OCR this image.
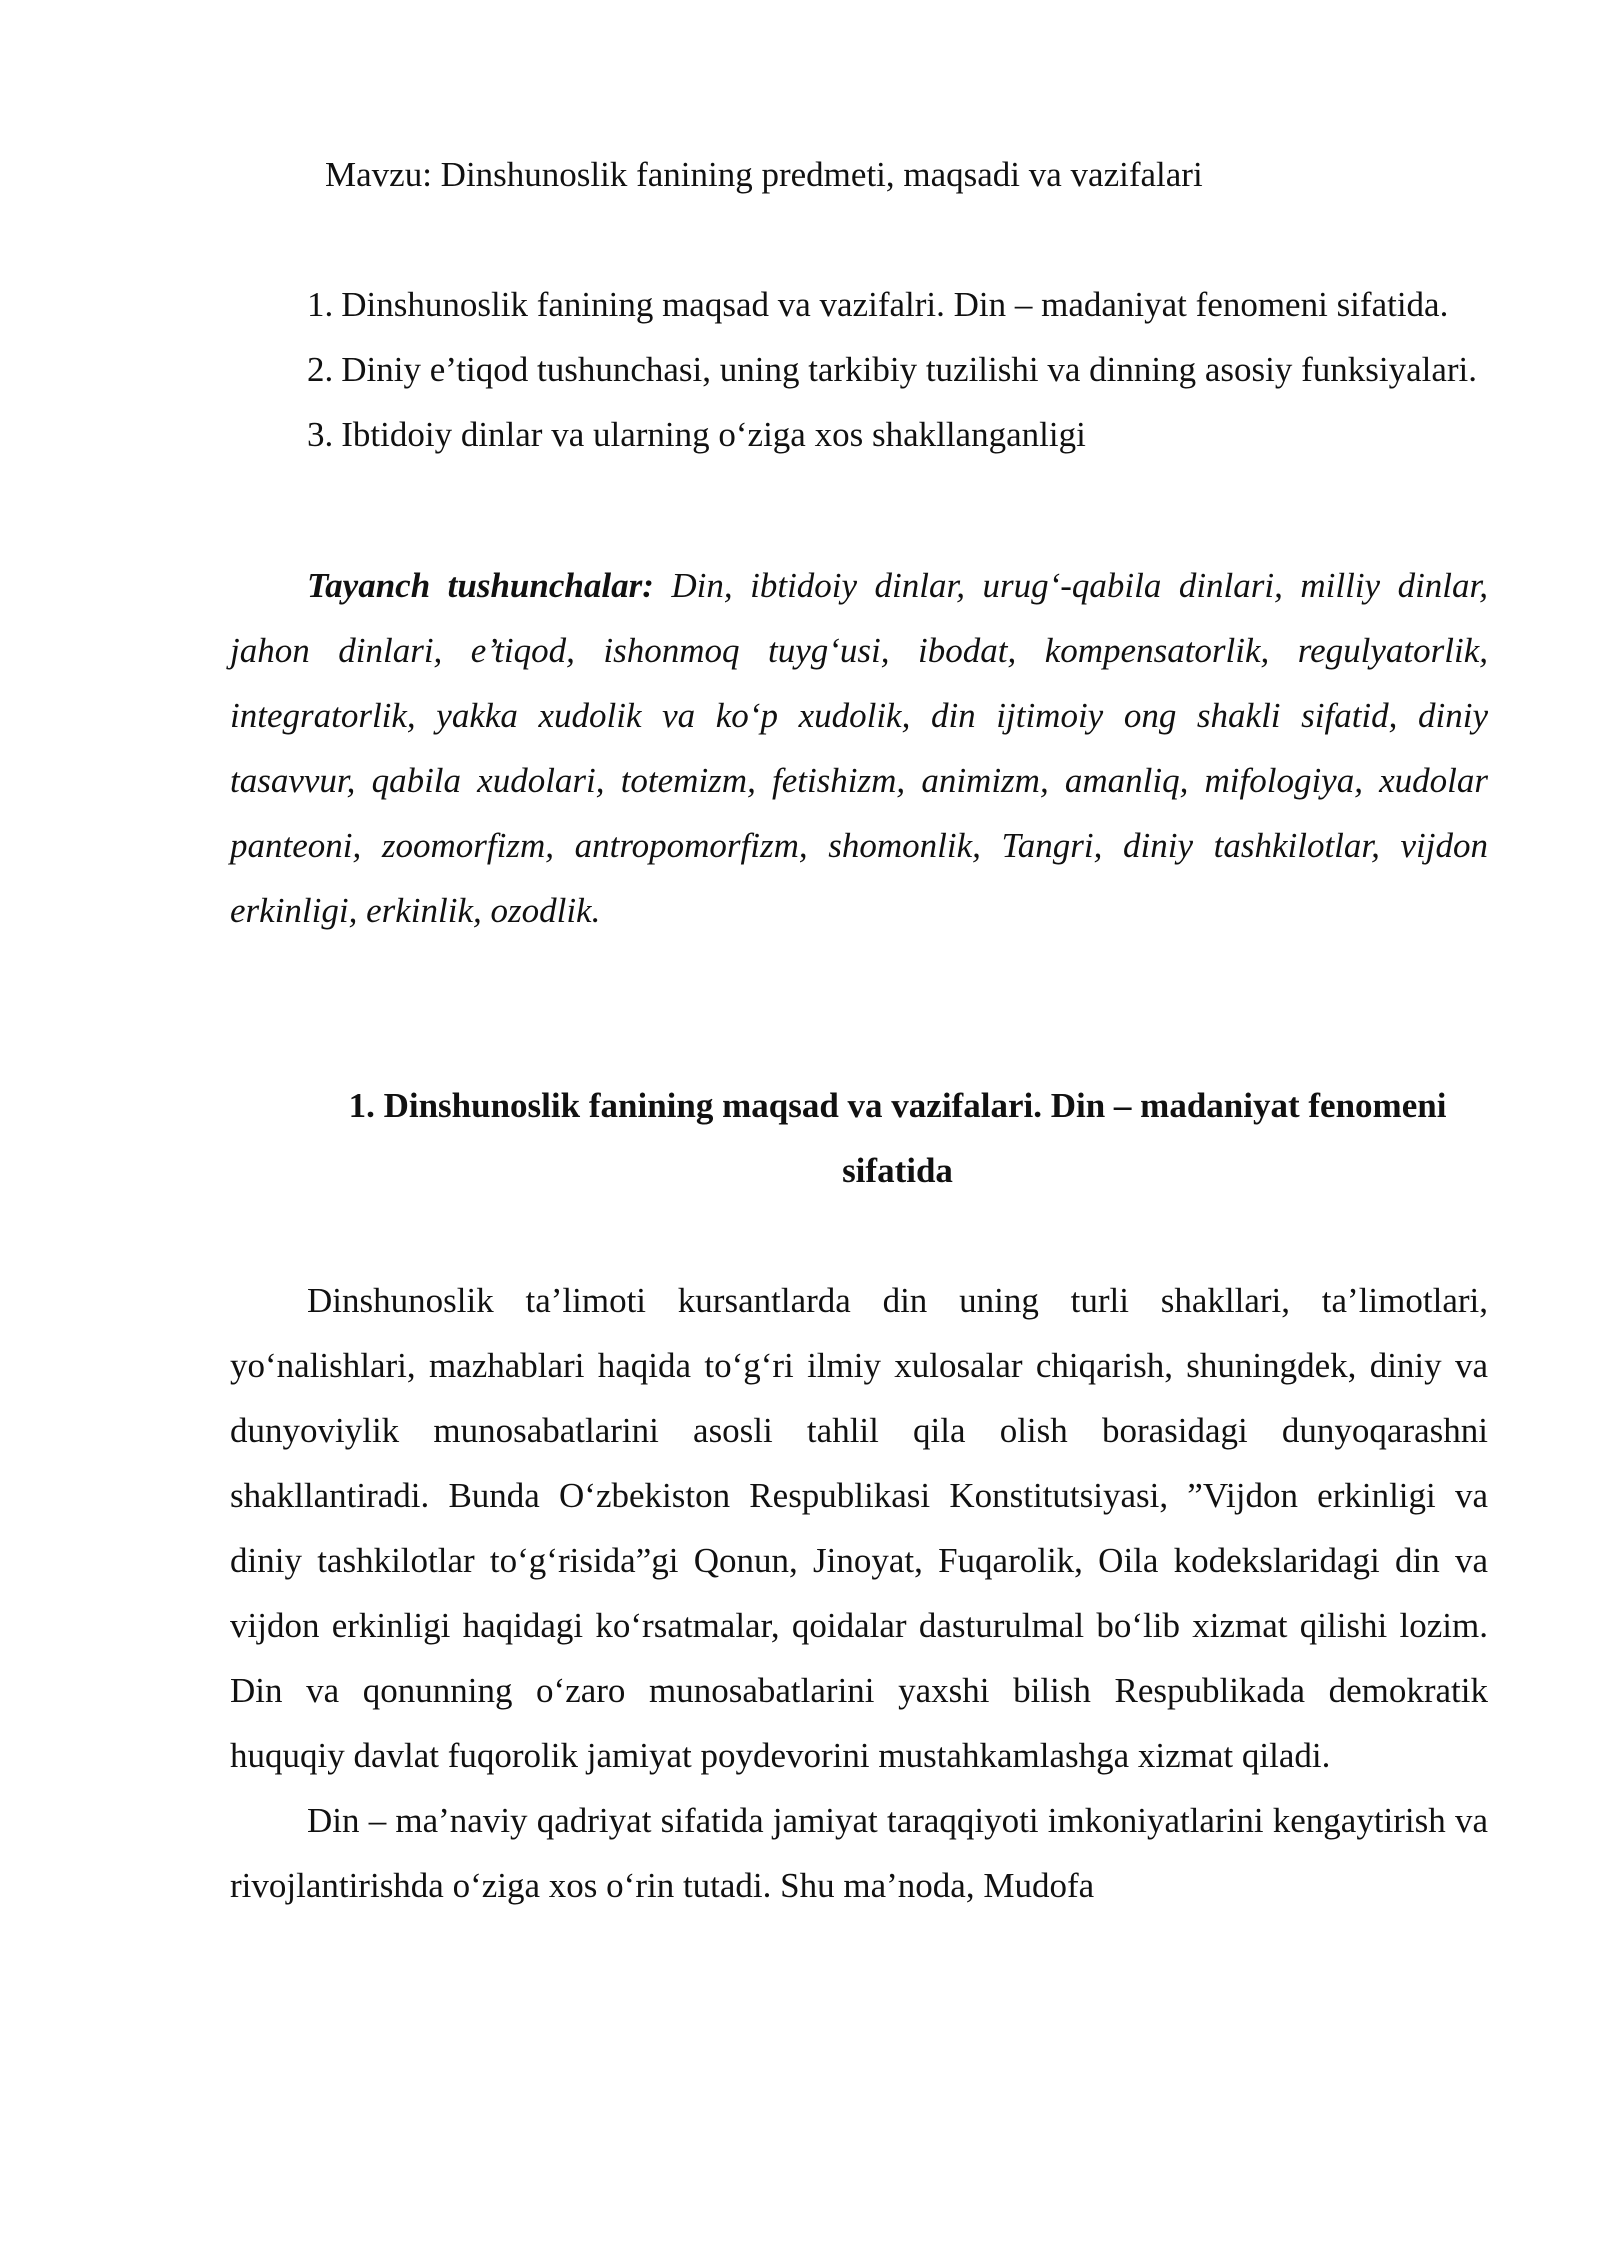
Mavzu: Dinshunoslik fanining predmeti, maqsadi va vazifalari

1. Dinshunoslik fanining maqsad va vazifalri. Din – madaniyat fenomeni sifatida.

2. Diniy e’tiqod tushunchasi, uning tarkibiy tuzilishi va dinning asosiy funksiyalari.

3. Ibtidoiy dinlar va ularning o‘ziga xos shakllanganligi

Tayanch tushunchalar: Din, ibtidoiy dinlar, urug‘-qabila dinlari, milliy dinlar, jahon dinlari, e’tiqod, ishonmoq tuyg‘usi, ibodat, kompensatorlik, regulyatorlik, integratorlik, yakka xudolik va ko‘p xudolik, din ijtimoiy ong shakli sifatid, diniy tasavvur, qabila xudolari, totemizm, fetishizm, animizm, amanliq, mifologiya, xudolar panteoni, zoomorfizm, antropomorfizm, shomonlik, Tangri, diniy tashkilotlar, vijdon erkinligi, erkinlik, ozodlik.

1. Dinshunoslik fanining maqsad va vazifalari. Din – madaniyat fenomeni sifatida

Dinshunoslik ta’limoti kursantlarda din uning turli shakllari, ta’limotlari, yo‘nalishlari, mazhablari haqida to‘g‘ri ilmiy xulosalar chiqarish, shuningdek, diniy va dunyoviylik munosabatlarini asosli tahlil qila olish borasidagi dunyoqarashni shakllantiradi. Bunda O‘zbekiston Respublikasi Konstitutsiyasi, ”Vijdon erkinligi va diniy tashkilotlar to‘g‘risida”gi Qonun, Jinoyat, Fuqarolik, Oila kodekslaridagi din va vijdon erkinligi haqidagi ko‘rsatmalar, qoidalar dasturulmal bo‘lib xizmat qilishi lozim. Din va qonunning o‘zaro munosabatlarini yaxshi bilish Respublikada demokratik huquqiy davlat fuqorolik jamiyat poydevorini mustahkamlashga xizmat qiladi.

Din – ma’naviy qadriyat sifatida jamiyat taraqqiyoti imkoniyatlarini kengaytirish va rivojlantirishda o‘ziga xos o‘rin tutadi. Shu ma’noda, Mudofa
